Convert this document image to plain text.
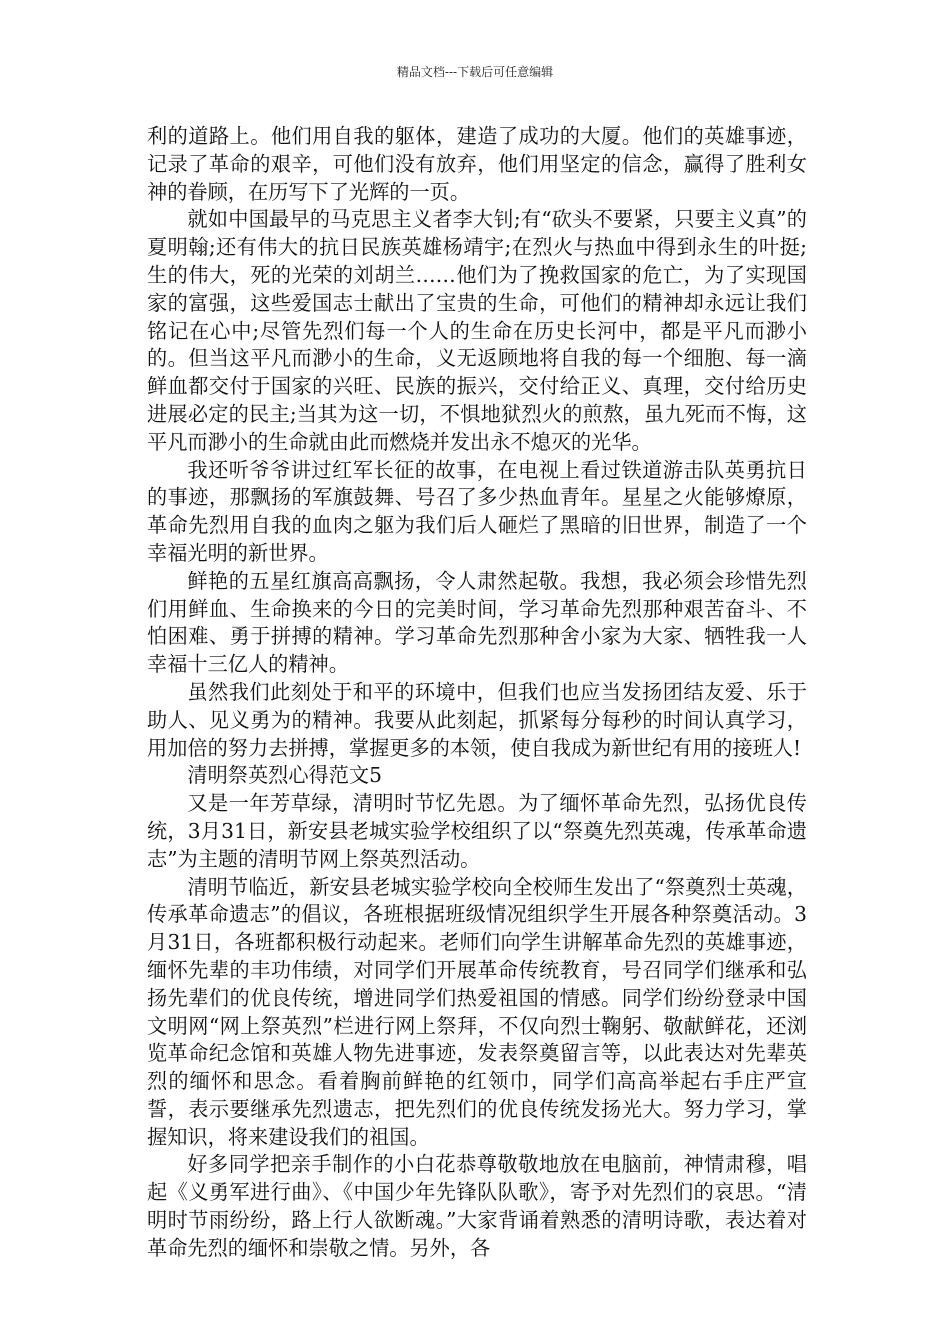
精品文档---下载后可任意编辑

利的道路上。他们用自我的躯体，建造了成功的大厦。他们的英雄事迹，记录了革命的艰辛，可他们没有放弃，他们用坚定的信念，赢得了胜利女神的眷顾，在历写下了光辉的一页。

就如中国最早的马克思主义者李大钊;有“砍头不要紧，只要主义真”的夏明翰;还有伟大的抗日民族英雄杨靖宇;在烈火与热血中得到永生的叶挺;生的伟大，死的光荣的刘胡兰……他们为了挽救国家的危亡，为了实现国家的富强，这些爱国志士献出了宝贵的生命，可他们的精神却永远让我们铭记在心中;尽管先烈们每一个人的生命在历史长河中，都是平凡而渺小的。但当这平凡而渺小的生命，义无返顾地将自我的每一个细胞、每一滴鲜血都交付于国家的兴旺、民族的振兴，交付给正义、真理，交付给历史进展必定的民主;当其为这一切，不惧地狱烈火的煎熬，虽九死而不悔，这平凡而渺小的生命就由此而燃烧并发出永不熄灭的光华。

我还听爷爷讲过红军长征的故事，在电视上看过铁道游击队英勇抗日的事迹，那飘扬的军旗鼓舞、号召了多少热血青年。星星之火能够燎原，革命先烈用自我的血肉之躯为我们后人砸烂了黑暗的旧世界，制造了一个幸福光明的新世界。

鲜艳的五星红旗高高飘扬，令人肃然起敬。我想，我必须会珍惜先烈们用鲜血、生命换来的今日的完美时间，学习革命先烈那种艰苦奋斗、不怕困难、勇于拼搏的精神。学习革命先烈那种舍小家为大家、牺牲我一人幸福十三亿人的精神。

虽然我们此刻处于和平的环境中，但我们也应当发扬团结友爱、乐于助人、见义勇为的精神。我要从此刻起，抓紧每分每秒的时间认真学习，用加倍的努力去拼搏，掌握更多的本领，使自我成为新世纪有用的接班人!

清明祭英烈心得范文5

又是一年芳草绿，清明时节忆先恩。为了缅怀革命先烈，弘扬优良传统，3月31日，新安县老城实验学校组织了以“祭奠先烈英魂，传承革命遗志”为主题的清明节网上祭英烈活动。

清明节临近，新安县老城实验学校向全校师生发出了“祭奠烈士英魂，传承革命遗志”的倡议，各班根据班级情况组织学生开展各种祭奠活动。3月31日，各班都积极行动起来。老师们向学生讲解革命先烈的英雄事迹，缅怀先辈的丰功伟绩，对同学们开展革命传统教育，号召同学们继承和弘扬先辈们的优良传统，增进同学们热爱祖国的情感。同学们纷纷登录中国文明网“网上祭英烈”栏进行网上祭拜，不仅向烈士鞠躬、敬献鲜花，还浏览革命纪念馆和英雄人物先进事迹，发表祭奠留言等，以此表达对先辈英烈的缅怀和思念。看着胸前鲜艳的红领巾，同学们高高举起右手庄严宣誓，表示要继承先烈遗志，把先烈们的优良传统发扬光大。努力学习，掌握知识，将来建设我们的祖国。

好多同学把亲手制作的小白花恭尊敬敬地放在电脑前，神情肃穆，唱起《义勇军进行曲》、《中国少年先锋队队歌》，寄予对先烈们的哀思。“清明时节雨纷纷，路上行人欲断魂。”大家背诵着熟悉的清明诗歌，表达着对革命先烈的缅怀和崇敬之情。另外，各
